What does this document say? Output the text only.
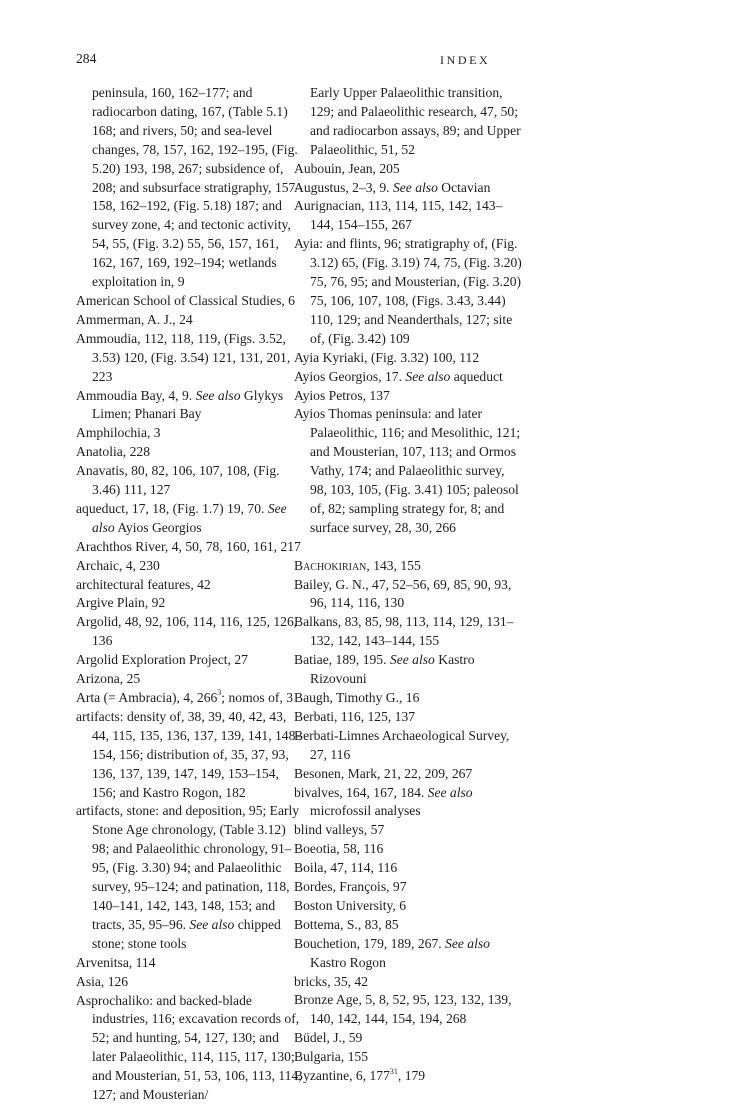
284	INDEX

peninsula, 160, 162–177; and radiocarbon dating, 167, (Table 5.1) 168; and rivers, 50; and sea-level changes, 78, 157, 162, 192–195, (Fig. 5.20) 193, 198, 267; subsidence of, 208; and subsurface stratigraphy, 157–158, 162–192, (Fig. 5.18) 187; and survey zone, 4; and tectonic activity, 54, 55, (Fig. 3.2) 55, 56, 157, 161, 162, 167, 169, 192–194; wetlands exploitation in, 9

American School of Classical Studies, 6

Ammerman, A. J., 24

Ammoudia, 112, 118, 119, (Figs. 3.52, 3.53) 120, (Fig. 3.54) 121, 131, 201, 223

Ammoudia Bay, 4, 9. See also Glykys Limen; Phanari Bay

Amphilochia, 3

Anatolia, 228

Anavatis, 80, 82, 106, 107, 108, (Fig. 3.46) 111, 127

aqueduct, 17, 18, (Fig. 1.7) 19, 70. See also Ayios Georgios

Arachthos River, 4, 50, 78, 160, 161, 217

Archaic, 4, 230

architectural features, 42

Argive Plain, 92

Argolid, 48, 92, 106, 114, 116, 125, 126, 136

Argolid Exploration Project, 27

Arizona, 25

Arta (= Ambracia), 4, $266^3$; nomos of, 3

artifacts: density of, 38, 39, 40, 42, 43, 44, 115, 135, 136, 137, 139, 141, 148–154, 156; distribution of, 35, 37, 93, 136, 137, 139, 147, 149, 153–154, 156; and Kastro Rogon, 182

artifacts, stone: and deposition, 95; Early Stone Age chronology, (Table 3.12) 98; and Palaeolithic chronology, 91–95, (Fig. 3.30) 94; and Palaeolithic survey, 95–124; and patination, 118, 140–141, 142, 143, 148, 153; and tracts, 35, 95–96. See also chipped stone; stone tools

Arvenitsa, 114

Asia, 126

Asprochaliko: and backed-blade industries, 116; excavation records of, 52; and hunting, 54, 127, 130; and later Palaeolithic, 114, 115, 117, 130; and Mousterian, 51, 53, 106, 113, 114, 127; and Mousterian/

Early Upper Palaeolithic transition, 129; and Palaeolithic research, 47, 50; and radiocarbon assays, 89; and Upper Palaeolithic, 51, 52

Aubouin, Jean, 205

Augustus, 2–3, 9. See also Octavian

Aurignacian, 113, 114, 115, 142, 143–144, 154–155, 267

Ayia: and flints, 96; stratigraphy of, (Fig. 3.12) 65, (Fig. 3.19) 74, 75, (Fig. 3.20) 75, 76, 95; and Mousterian, (Fig. 3.20) 75, 106, 107, 108, (Figs. 3.43, 3.44) 110, 129; and Neanderthals, 127; site of, (Fig. 3.42) 109

Ayia Kyriaki, (Fig. 3.32) 100, 112

Ayios Georgios, 17. See also aqueduct

Ayios Petros, 137

Ayios Thomas peninsula: and later Palaeolithic, 116; and Mesolithic, 121; and Mousterian, 107, 113; and Ormos Vathy, 174; and Palaeolithic survey, 98, 103, 105, (Fig. 3.41) 105; paleosol of, 82; sampling strategy for, 8; and surface survey, 28, 30, 266

Bachokirian, 143, 155

Bailey, G. N., 47, 52–56, 69, 85, 90, 93, 96, 114, 116, 130

Balkans, 83, 85, 98, 113, 114, 129, 131–132, 142, 143–144, 155

Batiae, 189, 195. See also Kastro Rizovouni

Baugh, Timothy G., 16

Berbati, 116, 125, 137

Berbati-Limnes Archaeological Survey, 27, 116

Besonen, Mark, 21, 22, 209, 267

bivalves, 164, 167, 184. See also microfossil analyses

blind valleys, 57

Boeotia, 58, 116

Boila, 47, 114, 116

Bordes, François, 97

Boston University, 6

Bottema, S., 83, 85

Bouchetion, 179, 189, 267. See also Kastro Rogon

bricks, 35, 42

Bronze Age, 5, 8, 52, 95, 123, 132, 139, 140, 142, 144, 154, 194, 268

Büdel, J., 59

Bulgaria, 155

Byzantine, 6, $177^{31}$, 179
